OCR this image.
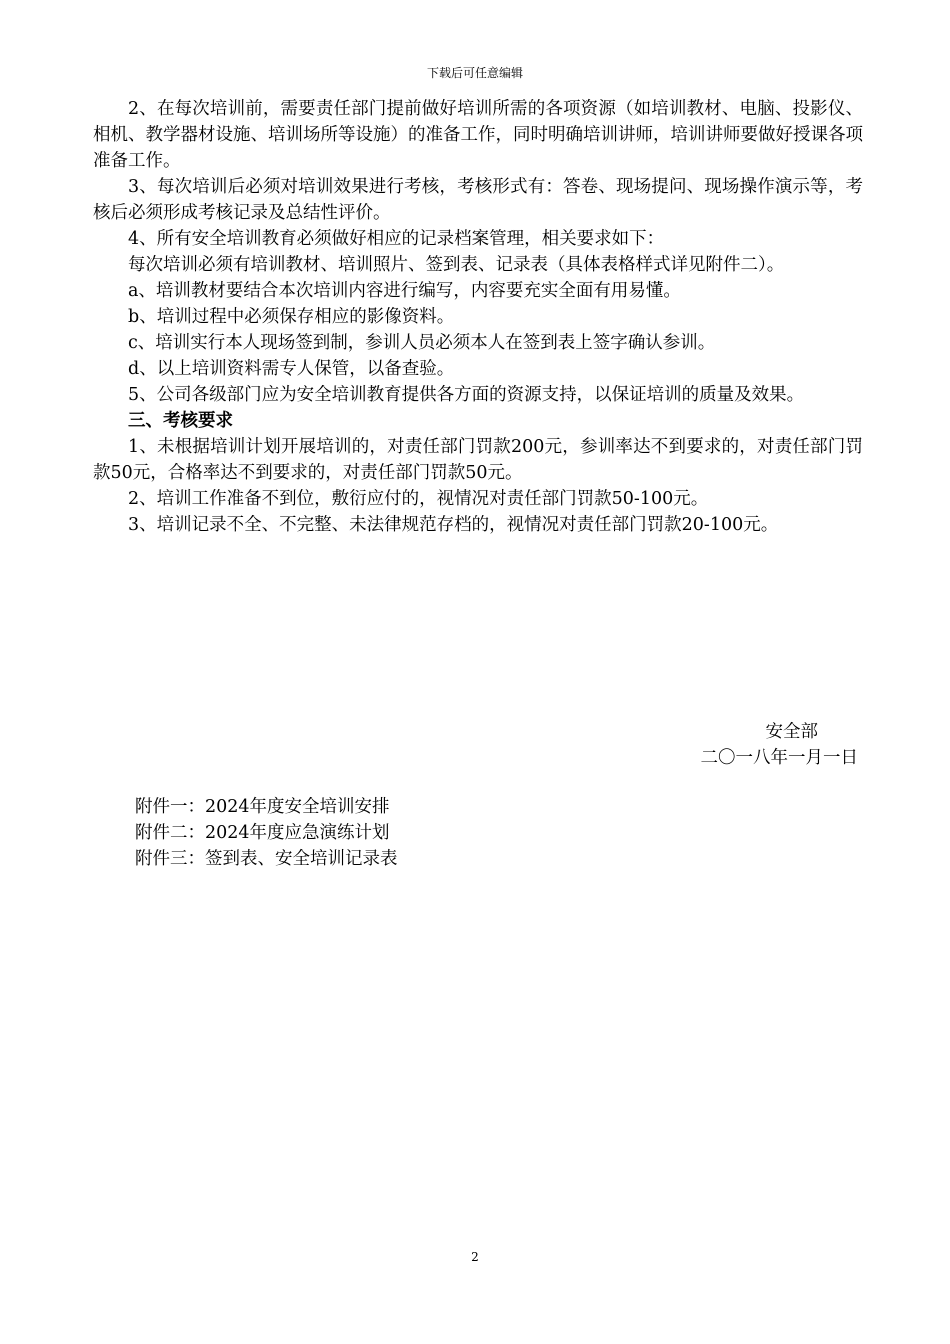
下载后可任意编辑

2、在每次培训前，需要责任部门提前做好培训所需的各项资源（如培训教材、电脑、投影仪、相机、教学器材设施、培训场所等设施）的准备工作，同时明确培训讲师，培训讲师要做好授课各项准备工作。

3、每次培训后必须对培训效果进行考核，考核形式有：答卷、现场提问、现场操作演示等，考核后必须形成考核记录及总结性评价。

4、所有安全培训教育必须做好相应的记录档案管理，相关要求如下：

每次培训必须有培训教材、培训照片、签到表、记录表（具体表格样式详见附件二）。

a、培训教材要结合本次培训内容进行编写，内容要充实全面有用易懂。

b、培训过程中必须保存相应的影像资料。

c、培训实行本人现场签到制，参训人员必须本人在签到表上签字确认参训。

d、以上培训资料需专人保管，以备查验。

5、公司各级部门应为安全培训教育提供各方面的资源支持，以保证培训的质量及效果。

三、考核要求

1、未根据培训计划开展培训的，对责任部门罚款200元，参训率达不到要求的，对责任部门罚款50元，合格率达不到要求的，对责任部门罚款50元。

2、培训工作准备不到位，敷衍应付的，视情况对责任部门罚款50-100元。

3、培训记录不全、不完整、未法律规范存档的，视情况对责任部门罚款20-100元。

安全部
二〇一八年一月一日
附件一：2024年度安全培训安排
附件二：2024年度应急演练计划
附件三：签到表、安全培训记录表
2
